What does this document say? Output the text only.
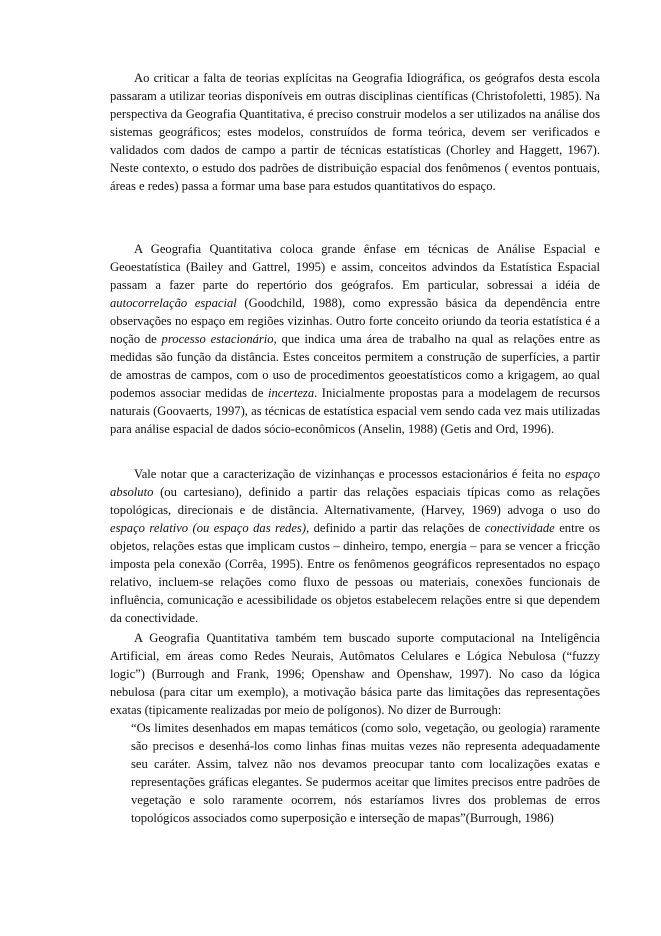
Ao criticar a falta de teorias explícitas na Geografia Idiográfica, os geógrafos desta escola passaram a utilizar teorias disponíveis em outras disciplinas científicas (Christofoletti, 1985). Na perspectiva da Geografia Quantitativa, é preciso construir modelos a ser utilizados na análise dos sistemas geográficos; estes modelos, construídos de forma teórica, devem ser verificados e validados com dados de campo a partir de técnicas estatísticas (Chorley and Haggett, 1967). Neste contexto, o estudo dos padrões de distribuição espacial dos fenômenos ( eventos pontuais, áreas e redes) passa a formar uma base para estudos quantitativos do espaço.

A Geografia Quantitativa coloca grande ênfase em técnicas de Análise Espacial e Geoestatística (Bailey and Gattrel, 1995) e assim, conceitos advindos da Estatística Espacial passam a fazer parte do repertório dos geógrafos. Em particular, sobressai a idéia de autocorrelação espacial (Goodchild, 1988), como expressão básica da dependência entre observações no espaço em regiões vizinhas. Outro forte conceito oriundo da teoria estatística é a noção de processo estacionário, que indica uma área de trabalho na qual as relações entre as medidas são função da distância. Estes conceitos permitem a construção de superfícies, a partir de amostras de campos, com o uso de procedimentos geoestatísticos como a krigagem, ao qual podemos associar medidas de incerteza. Inicialmente propostas para a modelagem de recursos naturais (Goovaerts, 1997), as técnicas de estatística espacial vem sendo cada vez mais utilizadas para análise espacial de dados sócio-econômicos (Anselin, 1988) (Getis and Ord, 1996).

Vale notar que a caracterização de vizinhanças e processos estacionários é feita no espaço absoluto (ou cartesiano), definido a partir das relações espaciais típicas como as relações topológicas, direcionais e de distância. Alternativamente, (Harvey, 1969) advoga o uso do espaço relativo (ou espaço das redes), definido a partir das relações de conectividade entre os objetos, relações estas que implicam custos – dinheiro, tempo, energia – para se vencer a fricção imposta pela conexão (Corrêa, 1995). Entre os fenômenos geográficos representados no espaço relativo, incluem-se relações como fluxo de pessoas ou materiais, conexões funcionais de influência, comunicação e acessibilidade os objetos estabelecem relações entre si que dependem da conectividade.

A Geografia Quantitativa também tem buscado suporte computacional na Inteligência Artificial, em áreas como Redes Neurais, Autômatos Celulares e Lógica Nebulosa (“fuzzy logic”) (Burrough and Frank, 1996; Openshaw and Openshaw, 1997). No caso da lógica nebulosa (para citar um exemplo), a motivação básica parte das limitações das representações exatas (tipicamente realizadas por meio de polígonos). No dizer de Burrough:

“Os limites desenhados em mapas temáticos (como solo, vegetação, ou geologia) raramente são precisos e desenhá-los como linhas finas muitas vezes não representa adequadamente seu caráter. Assim, talvez não nos devamos preocupar tanto com localizações exatas e representações gráficas elegantes. Se pudermos aceitar que limites precisos entre padrões de vegetação e solo raramente ocorrem, nós estaríamos livres dos problemas de erros topológicos associados como superposição e interseção de mapas”(Burrough, 1986)
